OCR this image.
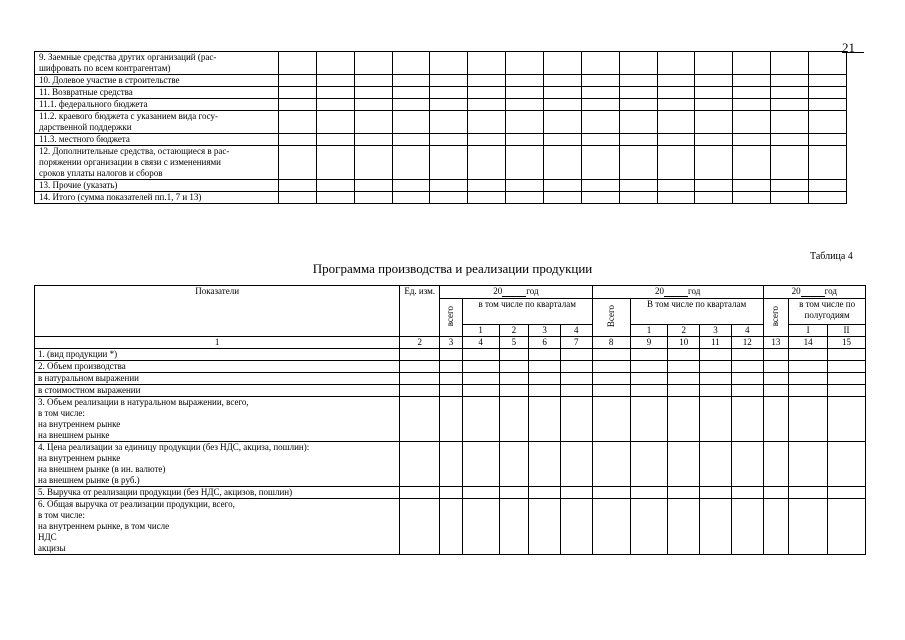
21
9. Заемные средства других организаций (рас-
шифровать по всем контрагентам)															

10. Долевое участие в строительстве															

11. Возвратные средства															

11.1. федерального бюджета															

11.2. краевого бюджета с указанием вида госу-
дарственной поддержки															

11.3. местного бюджета															

12. Дополнительные средства, остающиеся в рас-
поряжении организации в связи с изменениями
сроков уплаты налогов и сборов															

13. Прочие (указать)															

14. Итого (сумма показателей пп.1, 7 и 13)															

Таблица 4
Программа производства и реализации продукции
Показатели	Ед. изм.	20 год					20 год					20 год		
		всего	в том числе по кварталам				Всего	В том числе по кварталам				всего	в том числе по полугодиям	
			1	2	3	4		1	2	3	4		I	II
1	2	3	4	5	6	7	8	9	10	11	12	13	14	15

1. (вид продукции *)														

2. Объем производства														

в натуральном выражении														

в стоимостном выражении														

3. Объем реализации в натуральном выражении, всего,
в том числе:
на внутреннем рынке
на внешнем рынке														

4. Цена реализации за единицу продукции (без НДС, акциза, пошлин):
на внутреннем рынке
на внешнем рынке (в ин. валюте)
на внешнем рынке (в руб.)														

5. Выручка от реализации продукции (без НДС, акцизов, пошлин)														

6. Общая выручка от реализации продукции, всего,
в том числе:
на внутреннем рынке, в том числе
НДС
акцизы														
